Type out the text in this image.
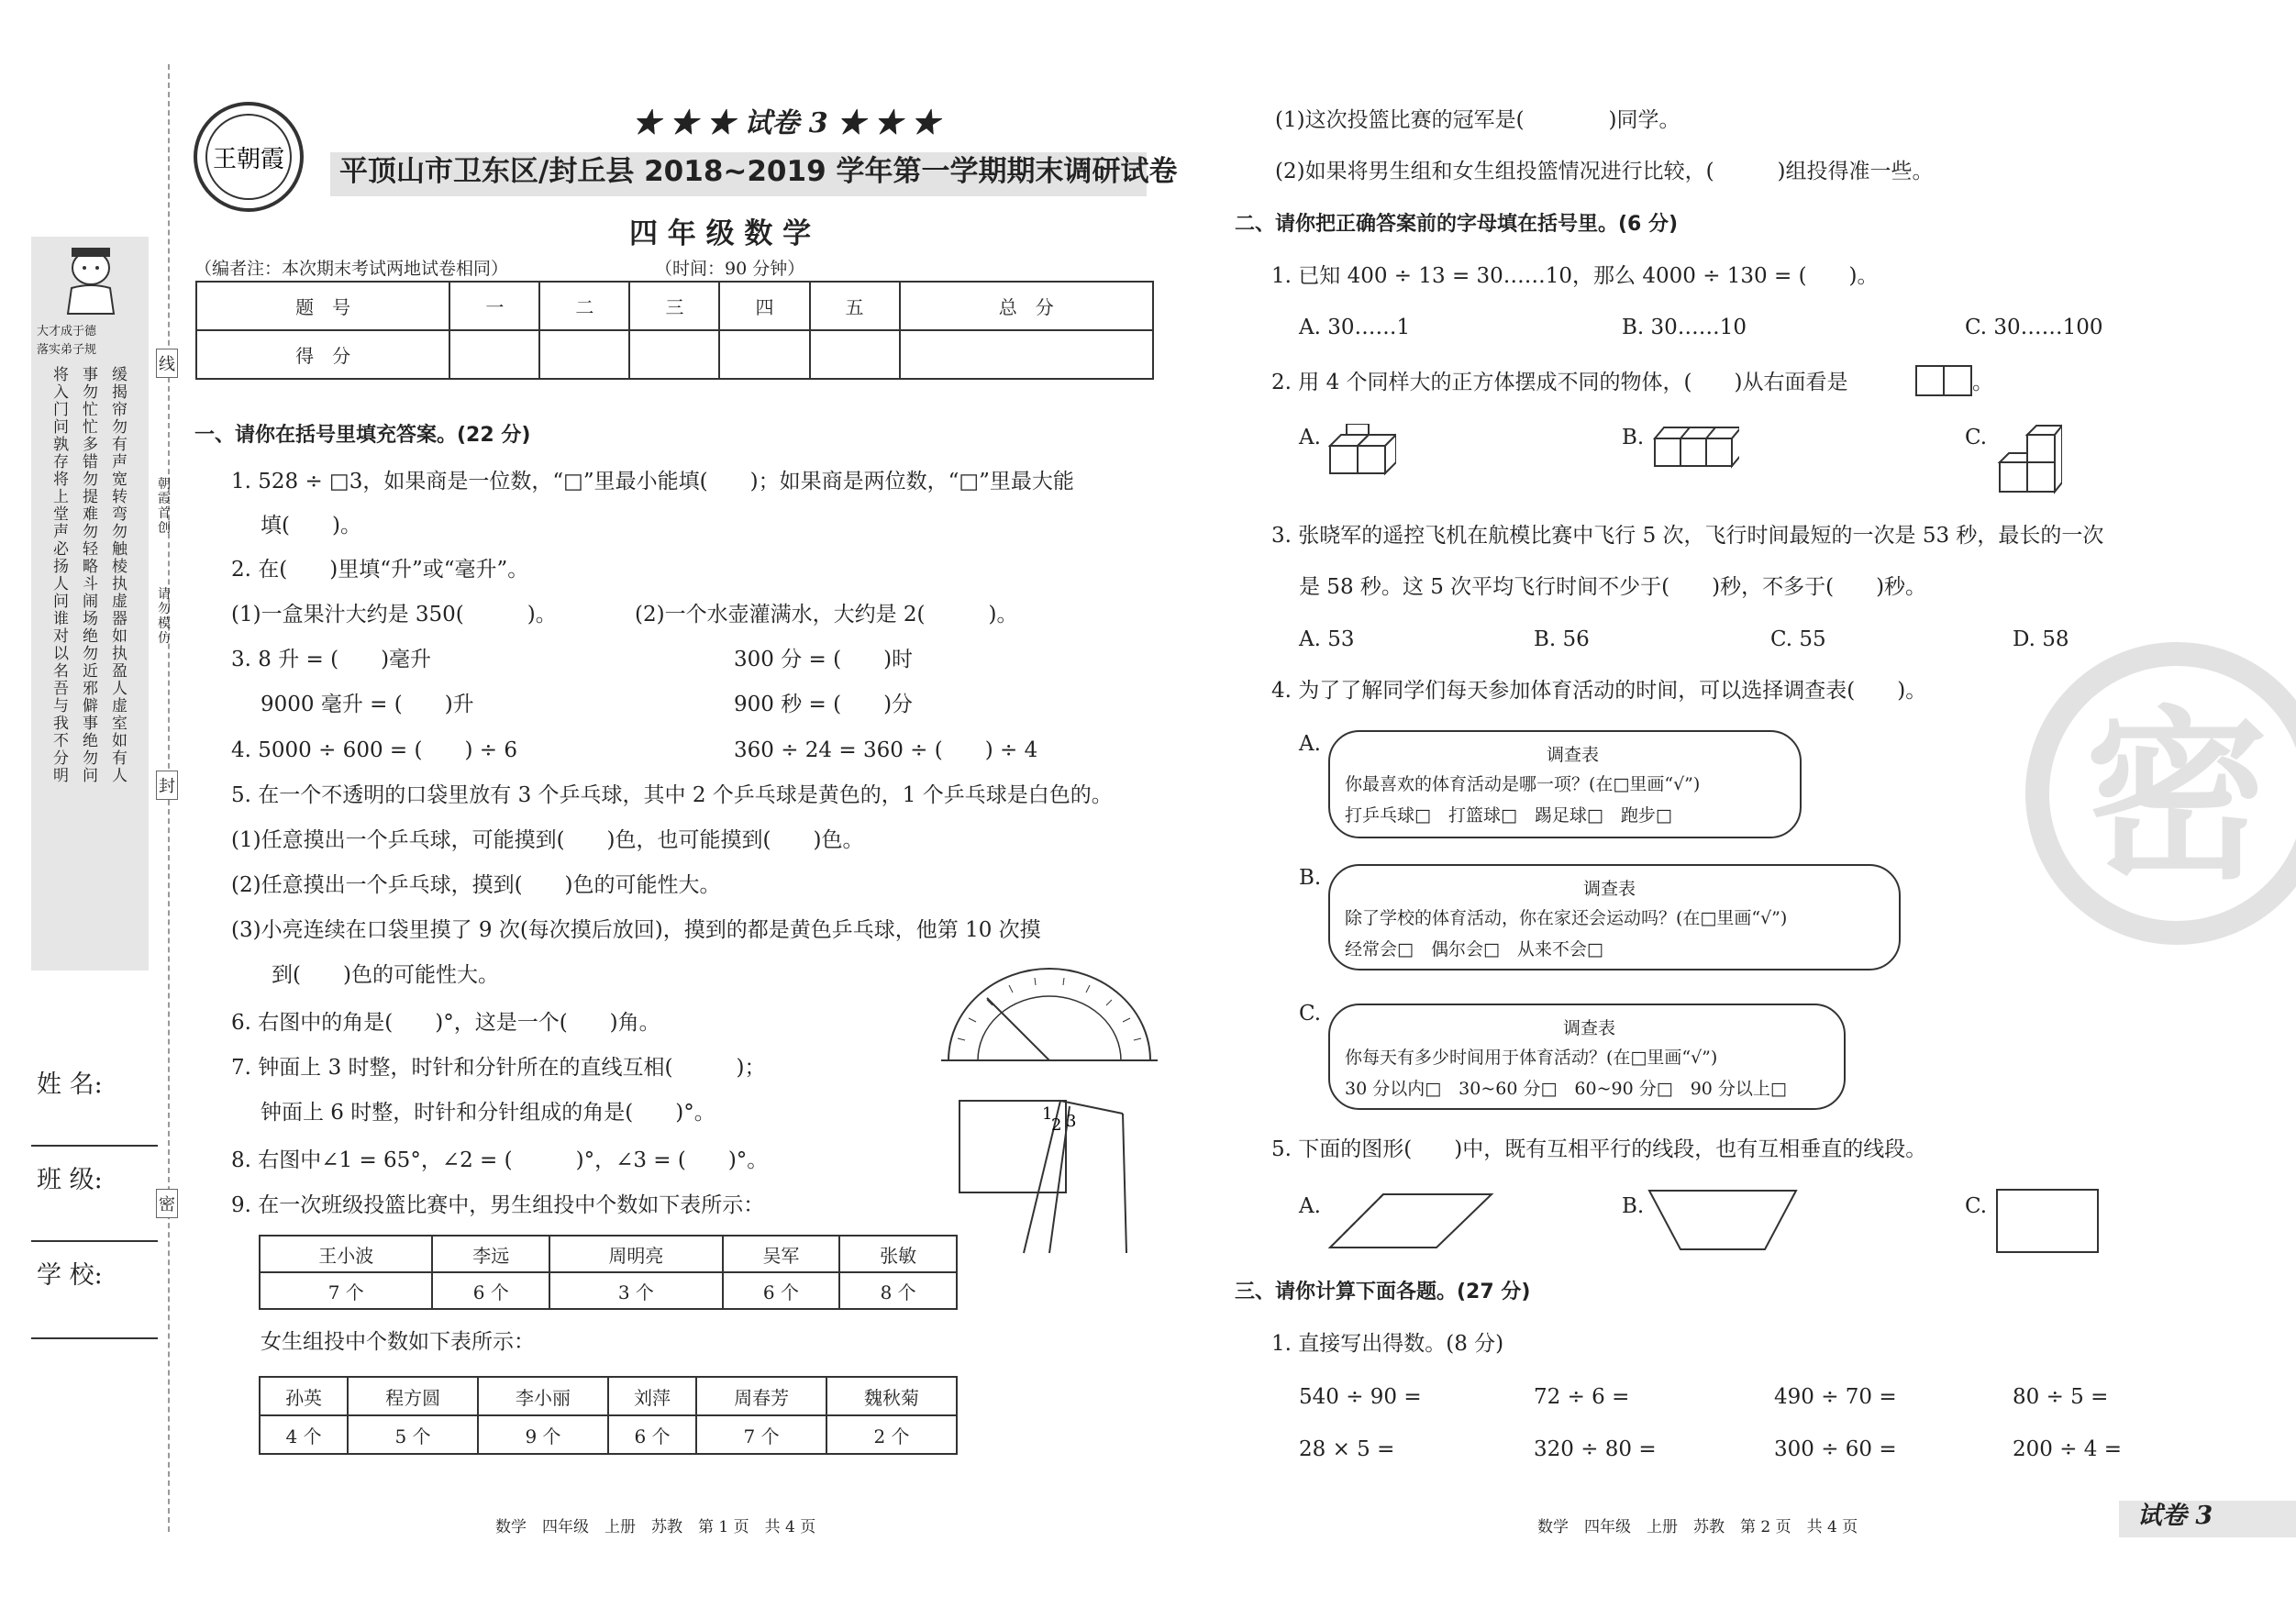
大才成于德
落实弟子规
将入门问孰存将上堂声必扬人问谁对以名吾与我不分明
事勿忙忙多错勿提难勿轻略斗闹场绝勿近邪僻事绝勿问
缓揭帘勿有声宽转弯勿触棱执虚器如执盈人虚室如有人
线
封
密
朝霞首创
请勿模仿
姓 名:
班 级:
学 校:
王朝霞
★ ★ ★ 试卷 3 ★ ★ ★
平顶山市卫东区/封丘县 2018~2019 学年第一学期期末调研试卷
四 年 级 数 学
（编者注：本次期末考试两地试卷相同）	（时间：90 分钟）
题　号	一	二	三	四	五	总　分
得　分						
一、请你在括号里填充答案。(22 分)
1. 528 ÷ □3，如果商是一位数，“□”里最小能填(　　)；如果商是两位数，“□”里最大能
填(　　)。
2. 在(　　)里填“升”或“毫升”。
(1)一盒果汁大约是 350(　　　)。	(2)一个水壶灌满水，大约是 2(　　　)。
3. 8 升 = (　　)毫升	300 分 = (　　)时
9000 毫升 = (　　)升	900 秒 = (　　)分
4. 5000 ÷ 600 = (　　) ÷ 6	360 ÷ 24 = 360 ÷ (　　) ÷ 4
5. 在一个不透明的口袋里放有 3 个乒乓球，其中 2 个乒乓球是黄色的，1 个乒乓球是白色的。
(1)任意摸出一个乒乓球，可能摸到(　　)色，也可能摸到(　　)色。
(2)任意摸出一个乒乓球，摸到(　　)色的可能性大。
(3)小亮连续在口袋里摸了 9 次(每次摸后放回)，摸到的都是黄色乒乓球，他第 10 次摸
到(　　)色的可能性大。
6. 右图中的角是(　　)°，这是一个(　　)角。
7. 钟面上 3 时整，时针和分针所在的直线互相(　　　)；
钟面上 6 时整，时针和分针组成的角是(　　)°。
8. 右图中∠1 = 65°，∠2 = (　　　)°，∠3 = (　　)°。
9. 在一次班级投篮比赛中，男生组投中个数如下表所示：
1
2 3
王小波	李远	周明亮	吴军	张敏
7 个	6 个	3 个	6 个	8 个
女生组投中个数如下表所示：
孙英	程方圆	李小丽	刘萍	周春芳	魏秋菊
4 个	5 个	9 个	6 个	7 个	2 个
数学　四年级　上册　苏教　第 1 页　共 4 页
(1)这次投篮比赛的冠军是(　　　　)同学。
(2)如果将男生组和女生组投篮情况进行比较，(　　　)组投得准一些。
二、请你把正确答案前的字母填在括号里。(6 分)
1. 已知 400 ÷ 13 = 30……10，那么 4000 ÷ 130 = (　　)。
A. 30……1	B. 30……10	C. 30……100
2. 用 4 个同样大的正方体摆成不同的物体，(　　)从右面看是	。
A.	B.	C.
3. 张晓军的遥控飞机在航模比赛中飞行 5 次，飞行时间最短的一次是 53 秒，最长的一次
是 58 秒。这 5 次平均飞行时间不少于(　　)秒，不多于(　　)秒。
A. 53	B. 56	C. 55	D. 58
4. 为了了解同学们每天参加体育活动的时间，可以选择调查表(　　)。
A.	调查表
你最喜欢的体育活动是哪一项？(在□里画“√”)
打乒乓球□　打篮球□　踢足球□　跑步□
B.	调查表
除了学校的体育活动，你在家还会运动吗？(在□里画“√”)
经常会□　偶尔会□　从来不会□
C.
调查表
你每天有多少时间用于体育活动？(在□里画“√”)
30 分以内□　30~60 分□　60~90 分□　90 分以上□
5. 下面的图形(　　)中，既有互相平行的线段，也有互相垂直的线段。
A.	B.	C.
三、请你计算下面各题。(27 分)
1. 直接写出得数。(8 分)
540 ÷ 90 =	72 ÷ 6 =	490 ÷ 70 =	80 ÷ 5 =
28 × 5 =	320 ÷ 80 =	300 ÷ 60 =	200 ÷ 4 =
密
数学　四年级　上册　苏教　第 2 页　共 4 页	试卷 3
